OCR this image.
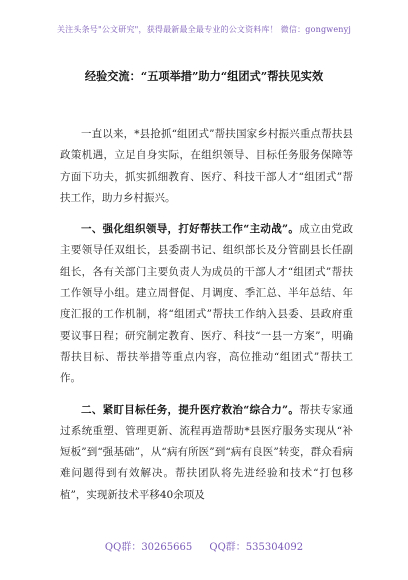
关注头条号"公文研究"，获得最新最全最专业的公文资料库！ 微信：gongwenyj
经验交流：“五项举措”助力“组团式”帮扶见实效

一直以来，*县抢抓“组团式”帮扶国家乡村振兴重点帮扶县政策机遇，立足自身实际，在组织领导、目标任务服务保障等方面下功夫，抓实抓细教育、医疗、科技干部人才“组团式”帮扶工作，助力乡村振兴。

一、强化组织领导，打好帮扶工作“主动战”。成立由党政主要领导任双组长，县委副书记、组织部长及分管副县长任副组长，各有关部门主要负责人为成员的干部人才“组团式”帮扶工作领导小组。建立周督促、月调度、季汇总、半年总结、年度汇报的工作机制，将“组团式”帮扶工作纳入县委、县政府重要议事日程；研究制定教育、医疗、科技“一县一方案”，明确帮扶目标、帮扶举措等重点内容，高位推动“组团式”帮扶工作。

二、紧盯目标任务，提升医疗救治“综合力”。帮扶专家通过系统重塑、管理更新、流程再造帮助*县医疗服务实现从“补短板”到“强基础”，从“病有所医”到“病有良医”转变，群众看病难问题得到有效解决。帮扶团队将先进经验和技术“打包移植”，实现新技术平移40余项及

QQ群：30265665 QQ群：535304092
